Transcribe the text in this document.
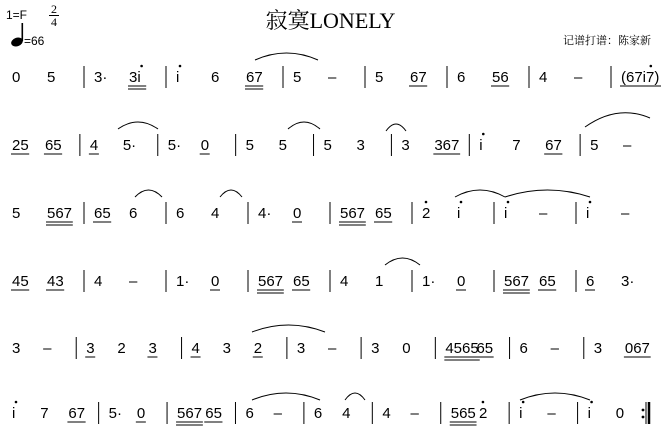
寂寞LONELY
1=F 2
4
=66	记谱打谱：陈家新
0 5	3· 3i i 6 67 5 –	5 67 6 56 4 –	(67i7)
25 65 4 5· 5· 0 5 5 5 3 3 367 i 7 67 5 –
5 567 65 6	6 4	4· 0	567 65 2 i	i –	i –
45 43 4 –	1· 0	567 65 4 1	1· 0	567 65 6 3·
3 – 3 2 3 4 3 2 3 – 3 0 4565
65 6 – 3 067
i 7 67 5· 0 567 65 6 – 6 4 4 – 565 2 i – i 0
